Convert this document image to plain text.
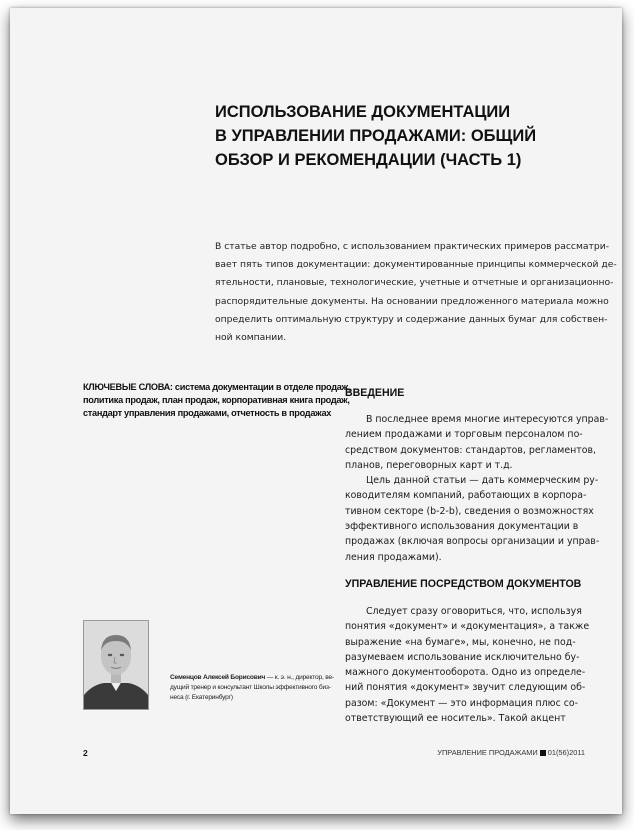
ИСПОЛЬЗОВАНИЕ ДОКУМЕНТАЦИИ
В УПРАВЛЕНИИ ПРОДАЖАМИ: ОБЩИЙ
ОБЗОР И РЕКОМЕНДАЦИИ (ЧАСТЬ 1)
В статье автор подробно, с использованием практических примеров рассматри-
вает пять типов документации: документированные принципы коммерческой де-
ятельности, плановые, технологические, учетные и отчетные и организационно-
распорядительные документы. На основании предложенного материала можно
определить оптимальную структуру и содержание данных бумаг для собствен-
ной компании.
КЛЮЧЕВЫЕ СЛОВА: система документации в отделе продаж,
политика продаж, план продаж, корпоративная книга продаж,
стандарт управления продажами, отчетность в продажах
ВВЕДЕНИЕ
В последнее время многие интересуются управ-
лением продажами и торговым персоналом по-
средством документов: стандартов, регламентов,
планов, переговорных карт и т.д.
Цель данной статьи — дать коммерческим ру-
ководителям компаний, работающих в корпора-
тивном секторе (b-2-b), сведения о возможностях
эффективного использования документации в
продажах (включая вопросы организации и управ-
ления продажами).
УПРАВЛЕНИЕ ПОСРЕДСТВОМ ДОКУМЕНТОВ
Следует сразу оговориться, что, используя
понятия «документ» и «документация», а также
выражение «на бумаге», мы, конечно, не под-
разумеваем использование исключительно бу-
мажного документооборота. Одно из определе-
ний понятия «документ» звучит следующим об-
разом: «Документ — это информация плюс со-
ответствующий ее носитель». Такой акцент
Семенцов Алексей Борисович — к. э. н., директор, ве-
дущий тренер и консультант Школы эффективного биз-
неса (г. Екатеринбург)
2	УПРАВЛЕНИЕ ПРОДАЖАМИ 01(56)2011
